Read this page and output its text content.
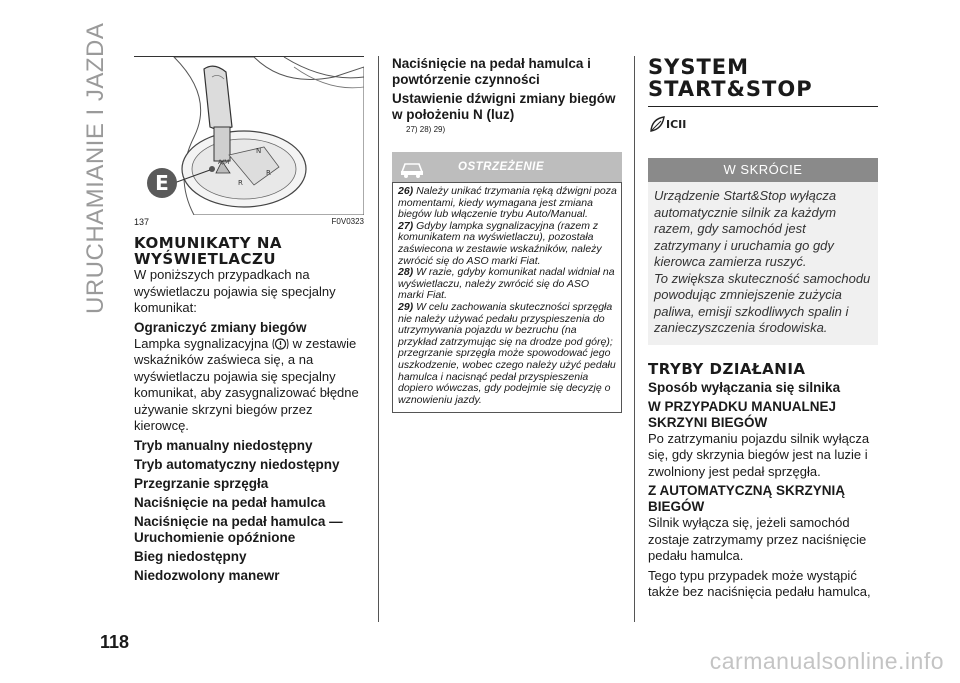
URUCHAMIANIE I JAZDA	A/M
N
R
R
E
137	F0V0323
KOMUNIKATY NA WYŚWIETLACZU

W poniższych przypadkach na wyświetlaczu pojawia się specjalny komunikat:

Ograniczyć zmiany biegów

Lampka sygnalizacyjna w zestawie wskaźników zaświeca się, a na wyświetlaczu pojawia się specjalny komunikat, aby zasygnalizować błędne używanie skrzyni biegów przez kierowcę.

Tryb manualny niedostępny
Tryb automatyczny niedostępny
Przegrzanie sprzęgła
Naciśnięcie na pedał hamulca
Naciśnięcie na pedał hamulca — Uruchomienie opóźnione
Bieg niedostępny
Niedozwolony manewr
Naciśnięcie na pedał hamulca i powtórzenie czynności
Ustawienie dźwigni zmiany biegów w położeniu N (luz)
27) 28) 29)
OSTRZEŻENIE

26) Należy unikać trzymania ręką dźwigni poza momentami, kiedy wymagana jest zmiana biegów lub włączenie trybu Auto/Manual.

27) Gdyby lampka sygnalizacyjna (razem z komunikatem na wyświetlaczu), pozostała zaświecona w zestawie wskaźników, należy zwrócić się do ASO marki Fiat.

28) W razie, gdyby komunikat nadal widniał na wyświetlaczu, należy zwrócić się do ASO marki Fiat.

29) W celu zachowania skuteczności sprzęgła nie należy używać pedału przyspieszenia do utrzymywania pojazdu w bezruchu (na przykład zatrzymując się na drodze pod górę); przegrzanie sprzęgła może spowodować jego uszkodzenie, wobec czego należy użyć pedału hamulca i nacisnąć pedał przyspieszenia dopiero wówczas, gdy podejmie się decyzję o wznowieniu jazdy.

SYSTEM
START&STOP
ICII
W SKRÓCIE

Urządzenie Start&Stop wyłącza automatycznie silnik za każdym razem, gdy samochód jest zatrzymany i uruchamia go gdy kierowca zamierza ruszyć.

To zwiększa skuteczność samochodu powodując zmniejszenie zużycia paliwa, emisji szkodliwych spalin i zanieczyszczenia środowiska.

TRYBY DZIAŁANIA
Sposób wyłączania się silnika
W PRZYPADKU MANUALNEJ SKRZYNI BIEGÓW

Po zatrzymaniu pojazdu silnik wyłącza się, gdy skrzynia biegów jest na luzie i zwolniony jest pedał sprzęgła.

Z AUTOMATYCZNĄ SKRZYNIĄ BIEGÓW

Silnik wyłącza się, jeżeli samochód zostaje zatrzymamy przez naciśnięcie pedału hamulca.

Tego typu przypadek może wystąpić także bez naciśnięcia pedału hamulca,

118
carmanualsonline.info
